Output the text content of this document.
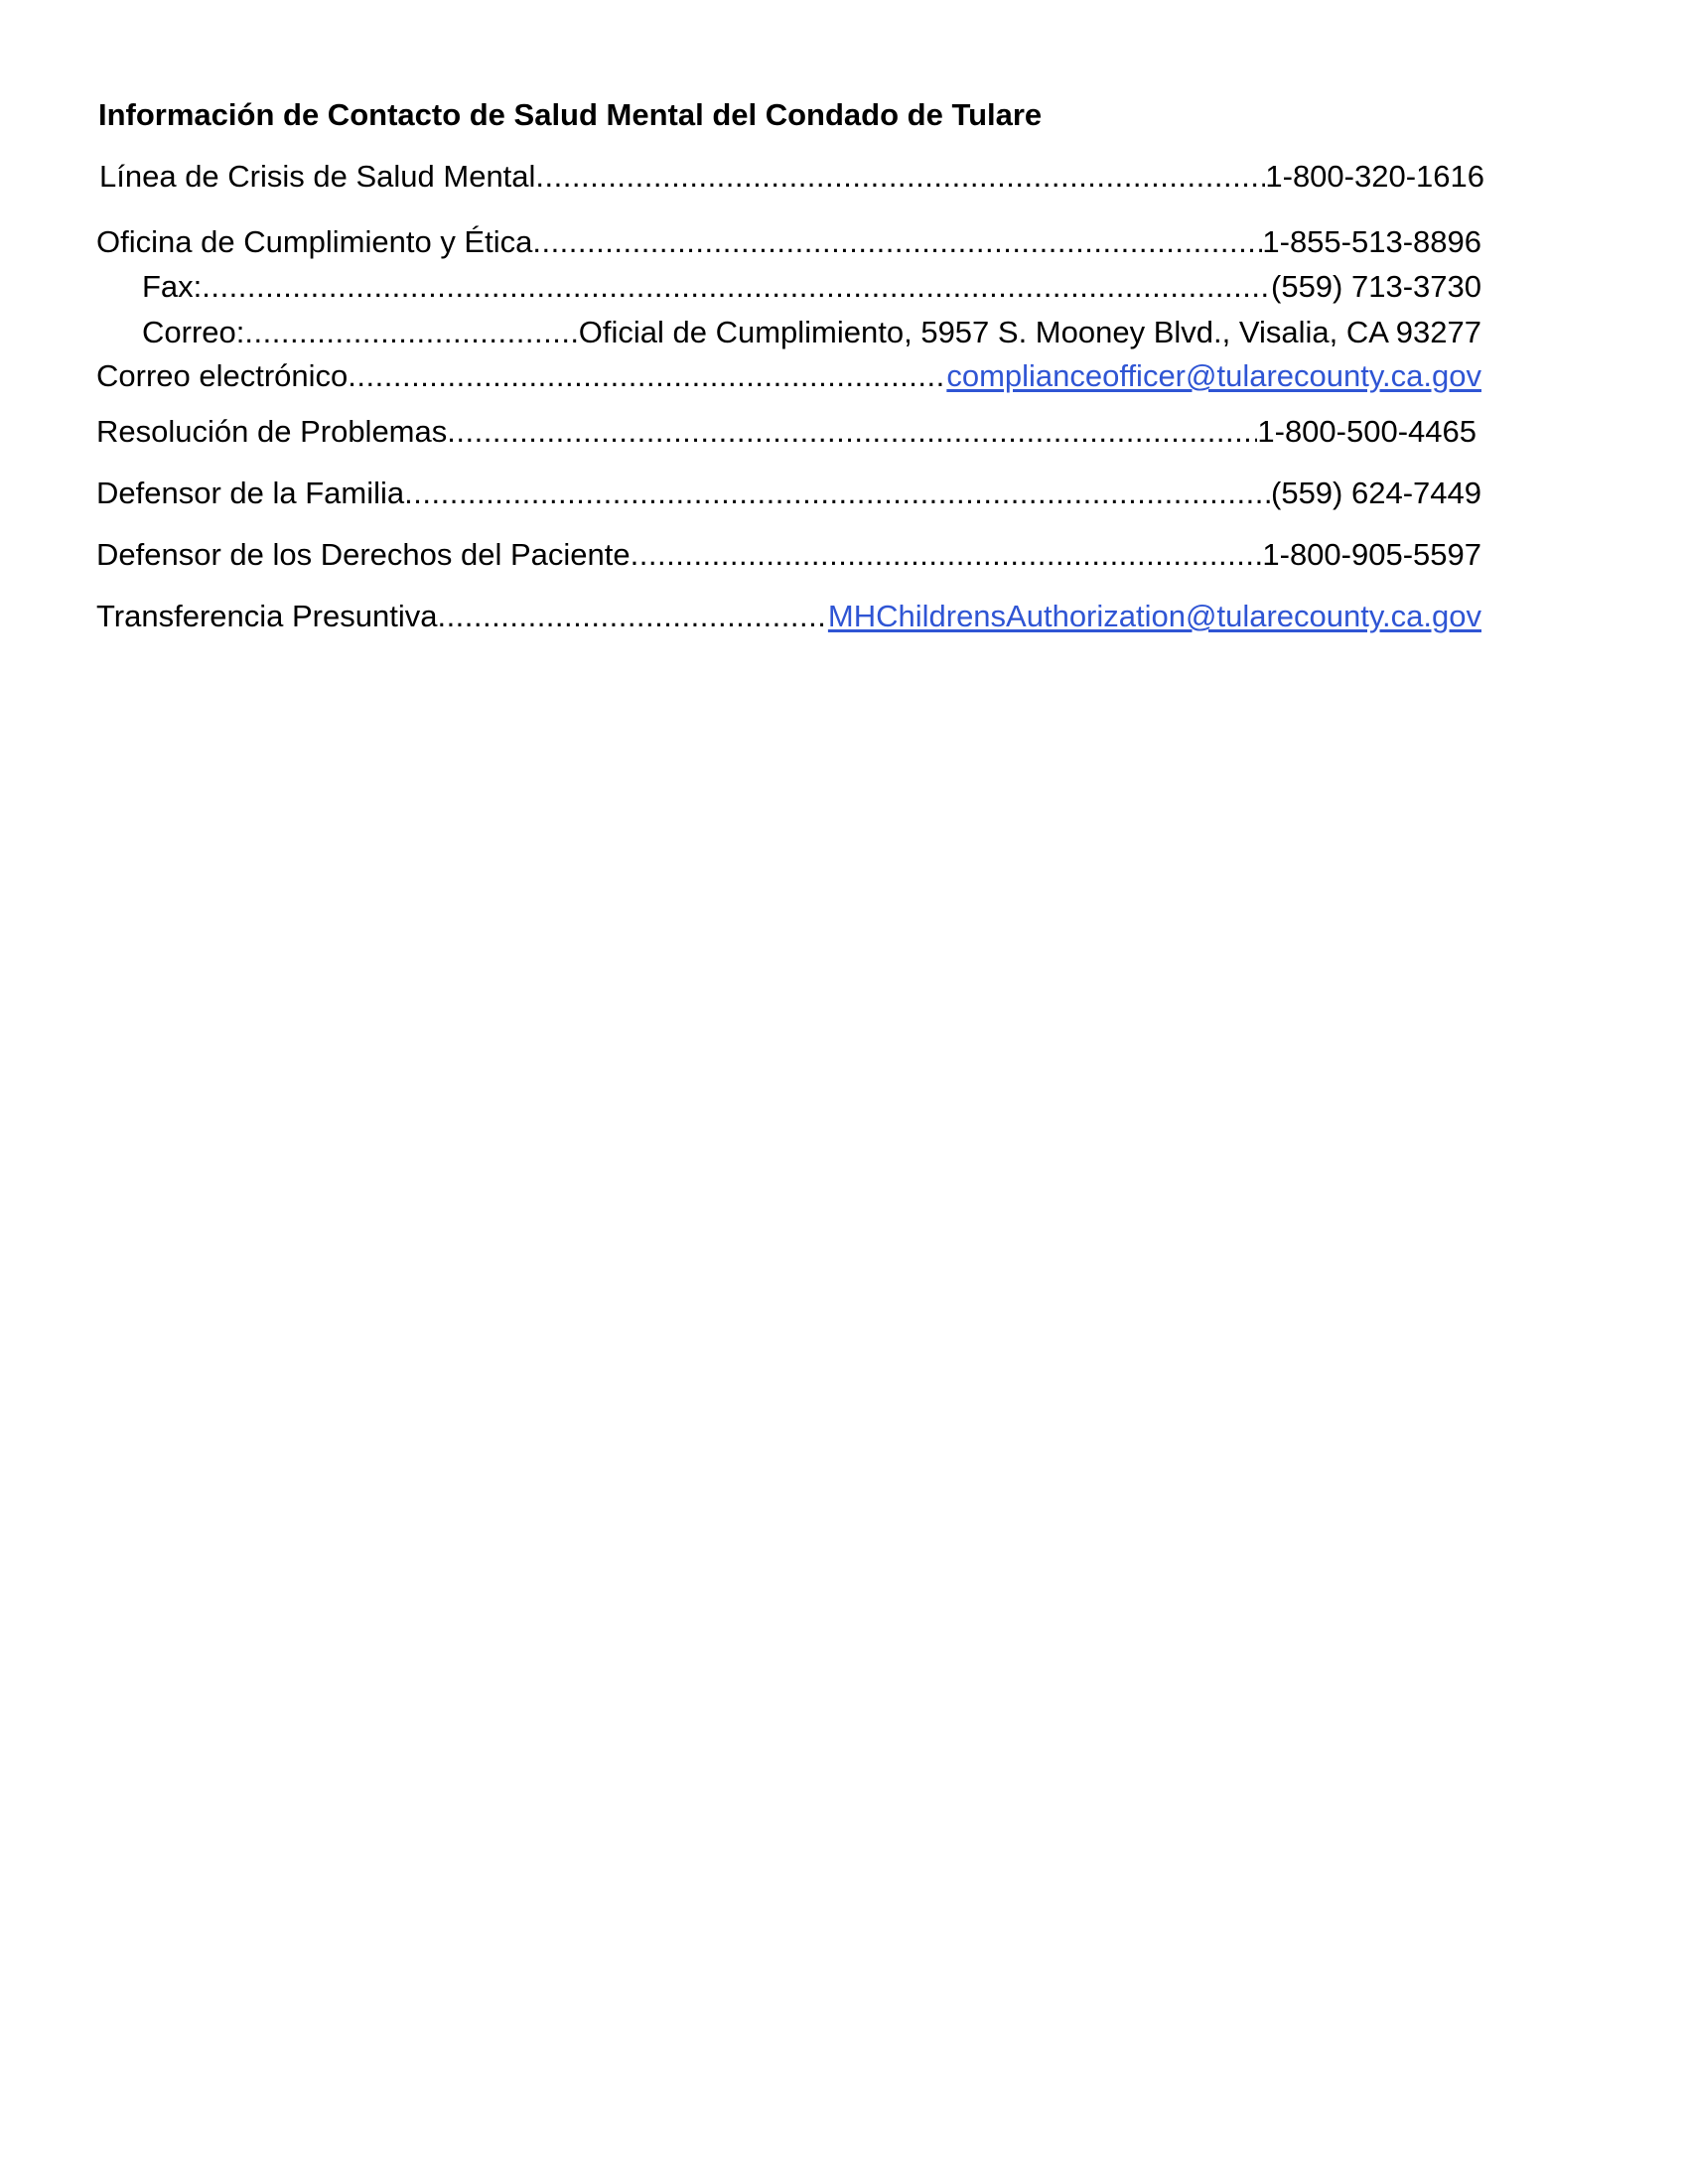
Información de Contacto de Salud Mental del Condado de Tulare
Línea de Crisis de Salud Mental .....	1-800-320-1616
Oficina de Cumplimiento y Ética .....	1-855-513-8896
Fax: .....	(559) 713-3730
Correo: .....	Oficial de Cumplimiento, 5957 S. Mooney Blvd., Visalia, CA 93277
Correo electrónico .....	complianceofficer@tularecounty.ca.gov
Resolución de Problemas .....	1-800-500-4465
Defensor de la Familia .....	(559) 624-7449
Defensor de los Derechos del Paciente .....	1-800-905-5597
Transferencia Presuntiva .....	MHChildrensAuthorization@tularecounty.ca.gov
